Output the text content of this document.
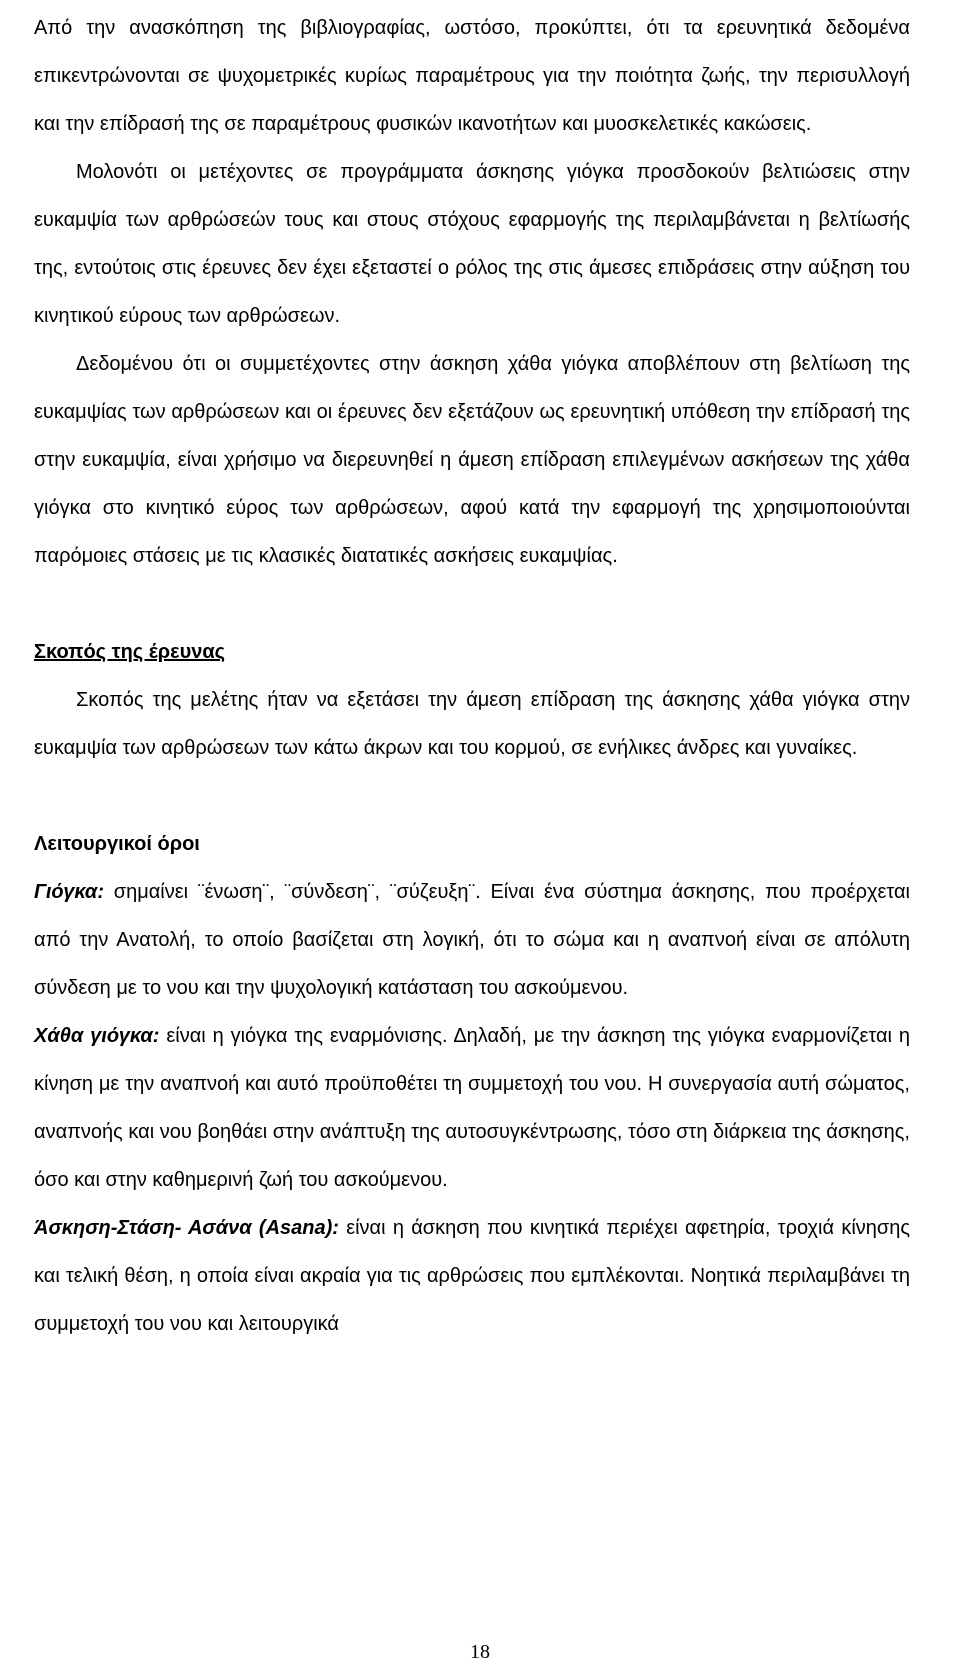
Από την ανασκόπηση της βιβλιογραφίας, ωστόσο, προκύπτει, ότι τα ερευνητικά δεδομένα επικεντρώνονται σε ψυχομετρικές κυρίως παραμέτρους για την ποιότητα ζωής, την περισυλλογή και την επίδρασή της σε παραμέτρους φυσικών ικανοτήτων και μυοσκελετικές κακώσεις.

Μολονότι οι μετέχοντες σε προγράμματα άσκησης γιόγκα προσδοκούν βελτιώσεις στην ευκαμψία των αρθρώσεών τους και στους στόχους εφαρμογής της περιλαμβάνεται η βελτίωσής της, εντούτοις στις έρευνες δεν έχει εξεταστεί ο ρόλος της στις άμεσες επιδράσεις στην αύξηση του κινητικού εύρους των αρθρώσεων.

Δεδομένου ότι οι συμμετέχοντες στην άσκηση χάθα γιόγκα αποβλέπουν στη βελτίωση της ευκαμψίας των αρθρώσεων και οι έρευνες δεν εξετάζουν ως ερευνητική υπόθεση την επίδρασή της στην ευκαμψία, είναι χρήσιμο να διερευνηθεί η άμεση επίδραση επιλεγμένων ασκήσεων της χάθα γιόγκα στο κινητικό εύρος των αρθρώσεων, αφού κατά την εφαρμογή της χρησιμοποιούνται παρόμοιες στάσεις με τις κλασικές διατατικές ασκήσεις ευκαμψίας.

Σκοπός της έρευνας

Σκοπός της μελέτης ήταν να εξετάσει την άμεση επίδραση της άσκησης χάθα γιόγκα στην ευκαμψία των αρθρώσεων των κάτω άκρων και του κορμού, σε ενήλικες άνδρες και γυναίκες.

Λειτουργικοί όροι

Γιόγκα: σημαίνει ¨ένωση¨, ¨σύνδεση¨, ¨σύζευξη¨. Είναι ένα σύστημα άσκησης, που προέρχεται από την Ανατολή, το οποίο βασίζεται στη λογική, ότι το σώμα και η αναπνοή είναι σε απόλυτη σύνδεση με το νου και την ψυχολογική κατάσταση του ασκούμενου.

Χάθα γιόγκα: είναι η γιόγκα της εναρμόνισης. Δηλαδή, με την άσκηση της γιόγκα εναρμονίζεται η κίνηση με την αναπνοή και αυτό προϋποθέτει τη συμμετοχή του νου. Η συνεργασία αυτή σώματος, αναπνοής και νου βοηθάει στην ανάπτυξη της αυτοσυγκέντρωσης, τόσο στη διάρκεια της άσκησης, όσο και στην καθημερινή ζωή του ασκούμενου.

Άσκηση-Στάση- Ασάνα (Asana): είναι η άσκηση που κινητικά περιέχει αφετηρία, τροχιά κίνησης και τελική θέση, η οποία είναι ακραία για τις αρθρώσεις που εμπλέκονται. Νοητικά περιλαμβάνει τη συμμετοχή του νου και λειτουργικά

18
